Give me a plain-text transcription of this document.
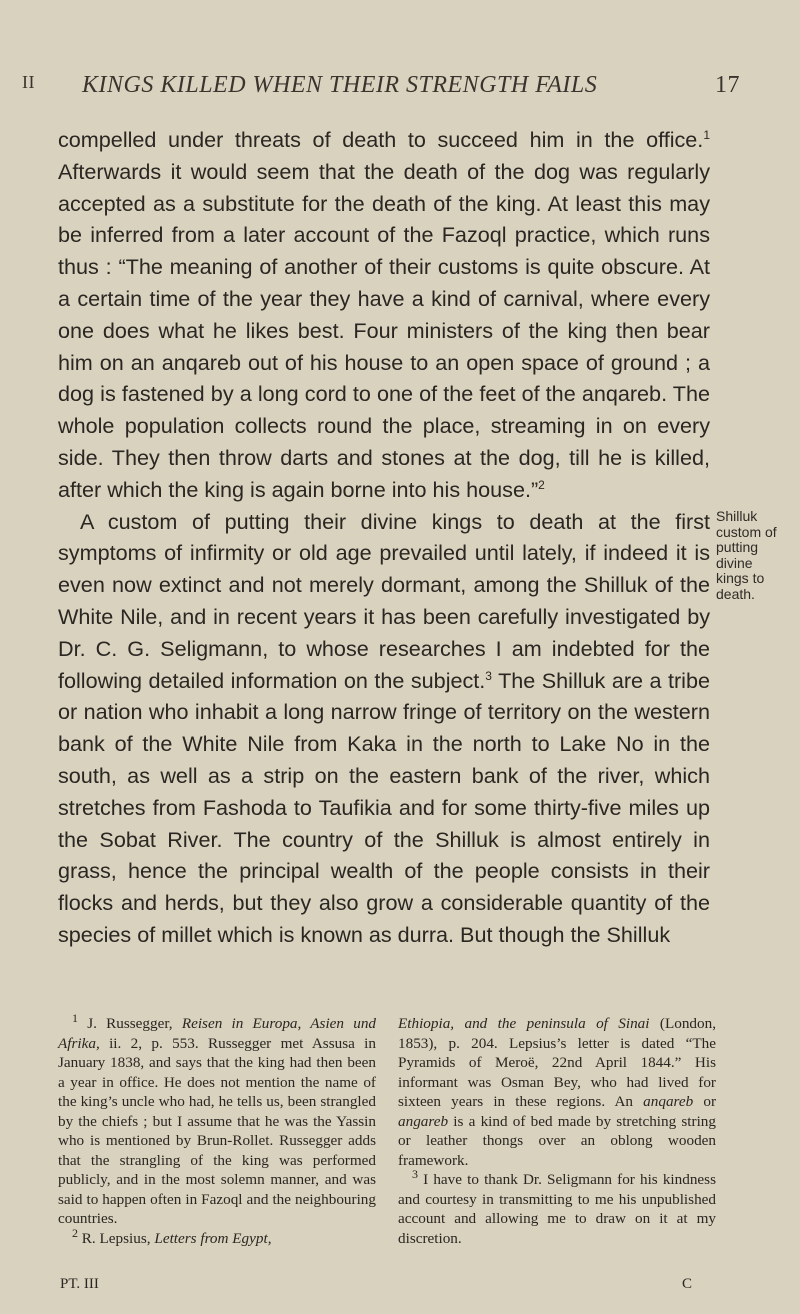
II KINGS KILLED WHEN THEIR STRENGTH FAILS	17

compelled under threats of death to succeed him in the office.$^1$ Afterwards it would seem that the death of the dog was regularly accepted as a substitute for the death of the king. At least this may be inferred from a later account of the Fazoql practice, which runs thus : “The meaning of another of their customs is quite obscure. At a certain time of the year they have a kind of carnival, where every one does what he likes best. Four ministers of the king then bear him on an anqareb out of his house to an open space of ground ; a dog is fastened by a long cord to one of the feet of the anqareb. The whole population collects round the place, streaming in on every side. They then throw darts and stones at the dog, till he is killed, after which the king is again borne into his house.”$^2$

A custom of putting their divine kings to death at the first symptoms of infirmity or old age prevailed until lately, if indeed it is even now extinct and not merely dormant, among the Shilluk of the White Nile, and in recent years it has been carefully investigated by Dr. C. G. Seligmann, to whose researches I am indebted for the following detailed information on the subject.$^3$ The Shilluk are a tribe or nation who inhabit a long narrow fringe of territory on the western bank of the White Nile from Kaka in the north to Lake No in the south, as well as a strip on the eastern bank of the river, which stretches from Fashoda to Taufikia and for some thirty-five miles up the Sobat River. The country of the Shilluk is almost entirely in grass, hence the principal wealth of the people consists in their flocks and herds, but they also grow a considerable quantity of the species of millet which is known as durra. But though the Shilluk

Shilluk
custom of
putting
divine
kings to
death.

$^1$ J. Russegger, Reisen in Europa, Asien und Afrika, ii. 2, p. 553. Russegger met Assusa in January 1838, and says that the king had then been a year in office. He does not mention the name of the king’s uncle who had, he tells us, been strangled by the chiefs ; but I assume that he was the Yassin who is mentioned by Brun-Rollet. Russegger adds that the strangling of the king was performed publicly, and in the most solemn manner, and was said to happen often in Fazoql and the neighbouring countries.

$^2$ R. Lepsius, Letters from Egypt,

Ethiopia, and the peninsula of Sinai (London, 1853), p. 204. Lepsius’s letter is dated “The Pyramids of Meroë, 22nd April 1844.” His informant was Osman Bey, who had lived for sixteen years in these regions. An anqareb or angareb is a kind of bed made by stretching string or leather thongs over an oblong wooden framework.

$^3$ I have to thank Dr. Seligmann for his kindness and courtesy in transmitting to me his unpublished account and allowing me to draw on it at my discretion.

PT. III	C
